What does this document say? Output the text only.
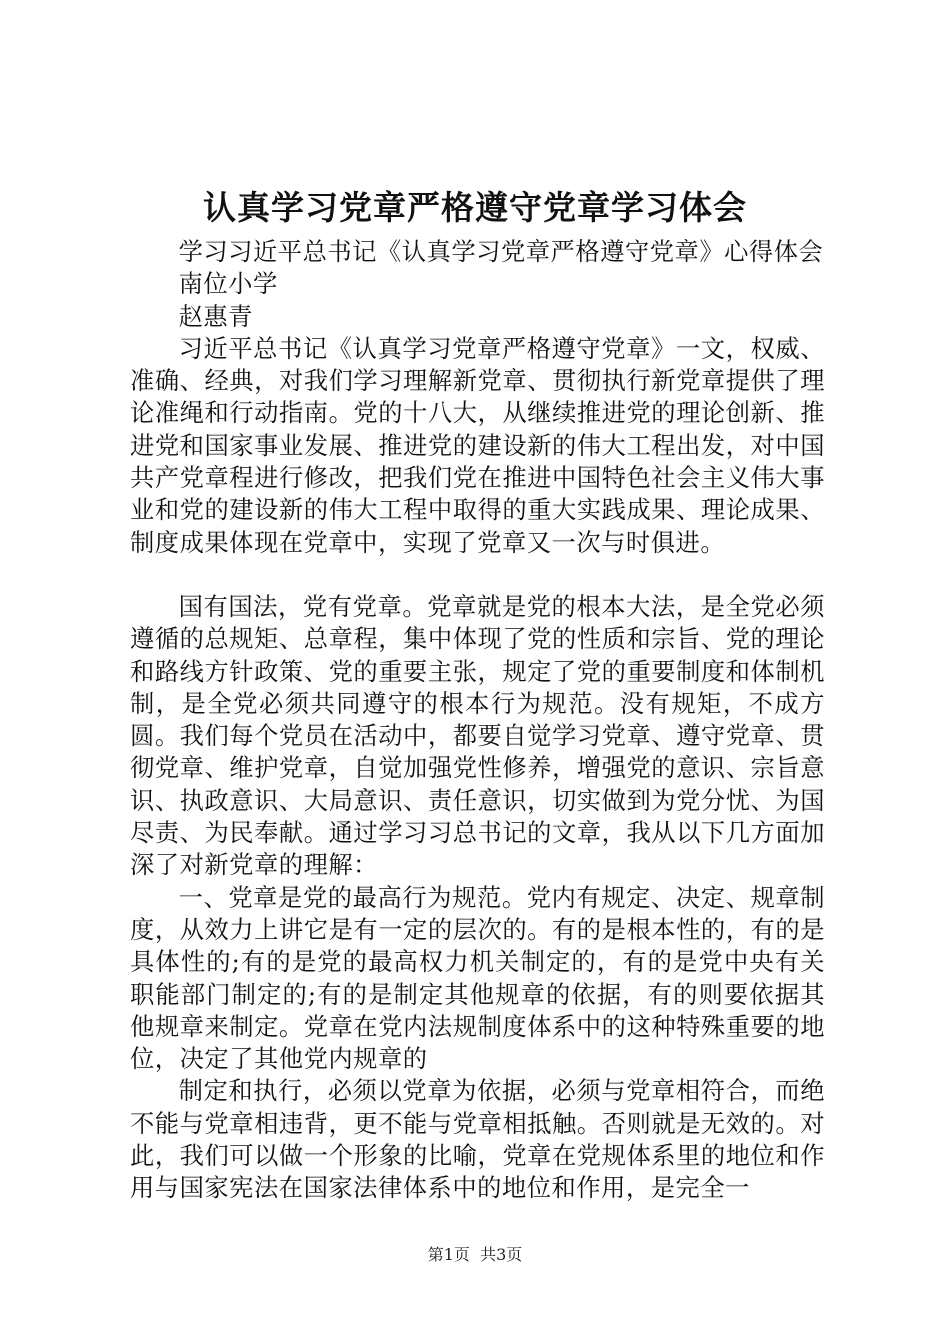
认真学习党章严格遵守党章学习体会

学习习近平总书记《认真学习党章严格遵守党章》心得体会

南位小学

赵惠青

习近平总书记《认真学习党章严格遵守党章》一文，权威、准确、经典，对我们学习理解新党章、贯彻执行新党章提供了理论准绳和行动指南。党的十八大，从继续推进党的理论创新、推进党和国家事业发展、推进党的建设新的伟大工程出发，对中国共产党章程进行修改，把我们党在推进中国特色社会主义伟大事业和党的建设新的伟大工程中取得的重大实践成果、理论成果、制度成果体现在党章中，实现了党章又一次与时俱进。

国有国法，党有党章。党章就是党的根本大法，是全党必须遵循的总规矩、总章程，集中体现了党的性质和宗旨、党的理论和路线方针政策、党的重要主张，规定了党的重要制度和体制机制，是全党必须共同遵守的根本行为规范。没有规矩，不成方圆。我们每个党员在活动中，都要自觉学习党章、遵守党章、贯彻党章、维护党章，自觉加强党性修养，增强党的意识、宗旨意识、执政意识、大局意识、责任意识，切实做到为党分忧、为国尽责、为民奉献。通过学习习总书记的文章，我从以下几方面加深了对新党章的理解：

一、党章是党的最高行为规范。党内有规定、决定、规章制度，从效力上讲它是有一定的层次的。有的是根本性的，有的是具体性的;有的是党的最高权力机关制定的，有的是党中央有关职能部门制定的;有的是制定其他规章的依据，有的则要依据其他规章来制定。党章在党内法规制度体系中的这种特殊重要的地位，决定了其他党内规章的

制定和执行，必须以党章为依据，必须与党章相符合，而绝不能与党章相违背，更不能与党章相抵触。否则就是无效的。对此，我们可以做一个形象的比喻，党章在党规体系里的地位和作用与国家宪法在国家法律体系中的地位和作用，是完全一

第1页  共3页
